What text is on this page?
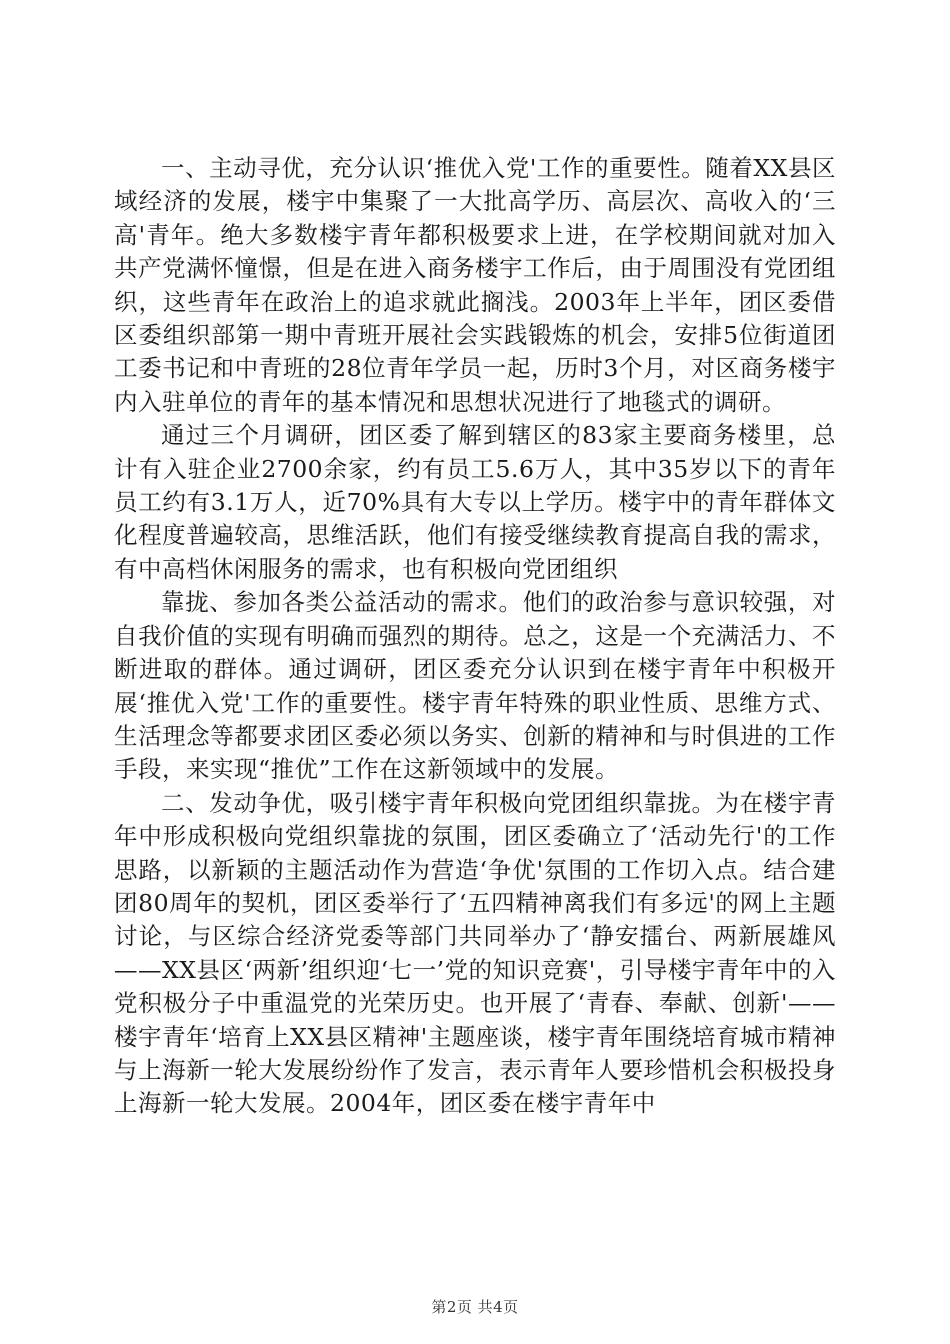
一、主动寻优，充分认识‘推优入党'工作的重要性。随着XX县区域经济的发展，楼宇中集聚了一大批高学历、高层次、高收入的‘三高'青年。绝大多数楼宇青年都积极要求上进，在学校期间就对加入共产党满怀憧憬，但是在进入商务楼宇工作后，由于周围没有党团组织，这些青年在政治上的追求就此搁浅。2003年上半年，团区委借区委组织部第一期中青班开展社会实践锻炼的机会，安排5位街道团工委书记和中青班的28位青年学员一起，历时3个月，对区商务楼宇内入驻单位的青年的基本情况和思想状况进行了地毯式的调研。

通过三个月调研，团区委了解到辖区的83家主要商务楼里，总计有入驻企业2700余家，约有员工5.6万人，其中35岁以下的青年员工约有3.1万人，近70%具有大专以上学历。楼宇中的青年群体文化程度普遍较高，思维活跃，他们有接受继续教育提高自我的需求，有中高档休闲服务的需求，也有积极向党团组织

靠拢、参加各类公益活动的需求。他们的政治参与意识较强，对自我价值的实现有明确而强烈的期待。总之，这是一个充满活力、不断进取的群体。通过调研，团区委充分认识到在楼宇青年中积极开展‘推优入党'工作的重要性。楼宇青年特殊的职业性质、思维方式、生活理念等都要求团区委必须以务实、创新的精神和与时俱进的工作手段，来实现“推优”工作在这新领域中的发展。

二、发动争优，吸引楼宇青年积极向党团组织靠拢。为在楼宇青年中形成积极向党组织靠拢的氛围，团区委确立了‘活动先行'的工作思路，以新颖的主题活动作为营造‘争优'氛围的工作切入点。结合建团80周年的契机，团区委举行了‘五四精神离我们有多远'的网上主题讨论，与区综合经济党委等部门共同举办了‘静安擂台、两新展雄风——XX县区‘两新’组织迎‘七一’党的知识竞赛'，引导楼宇青年中的入党积极分子中重温党的光荣历史。也开展了‘青春、奉献、创新'——楼宇青年‘培育上XX县区精神'主题座谈，楼宇青年围绕培育城市精神与上海新一轮大发展纷纷作了发言，表示青年人要珍惜机会积极投身上海新一轮大发展。2004年，团区委在楼宇青年中

第2页 共4页
